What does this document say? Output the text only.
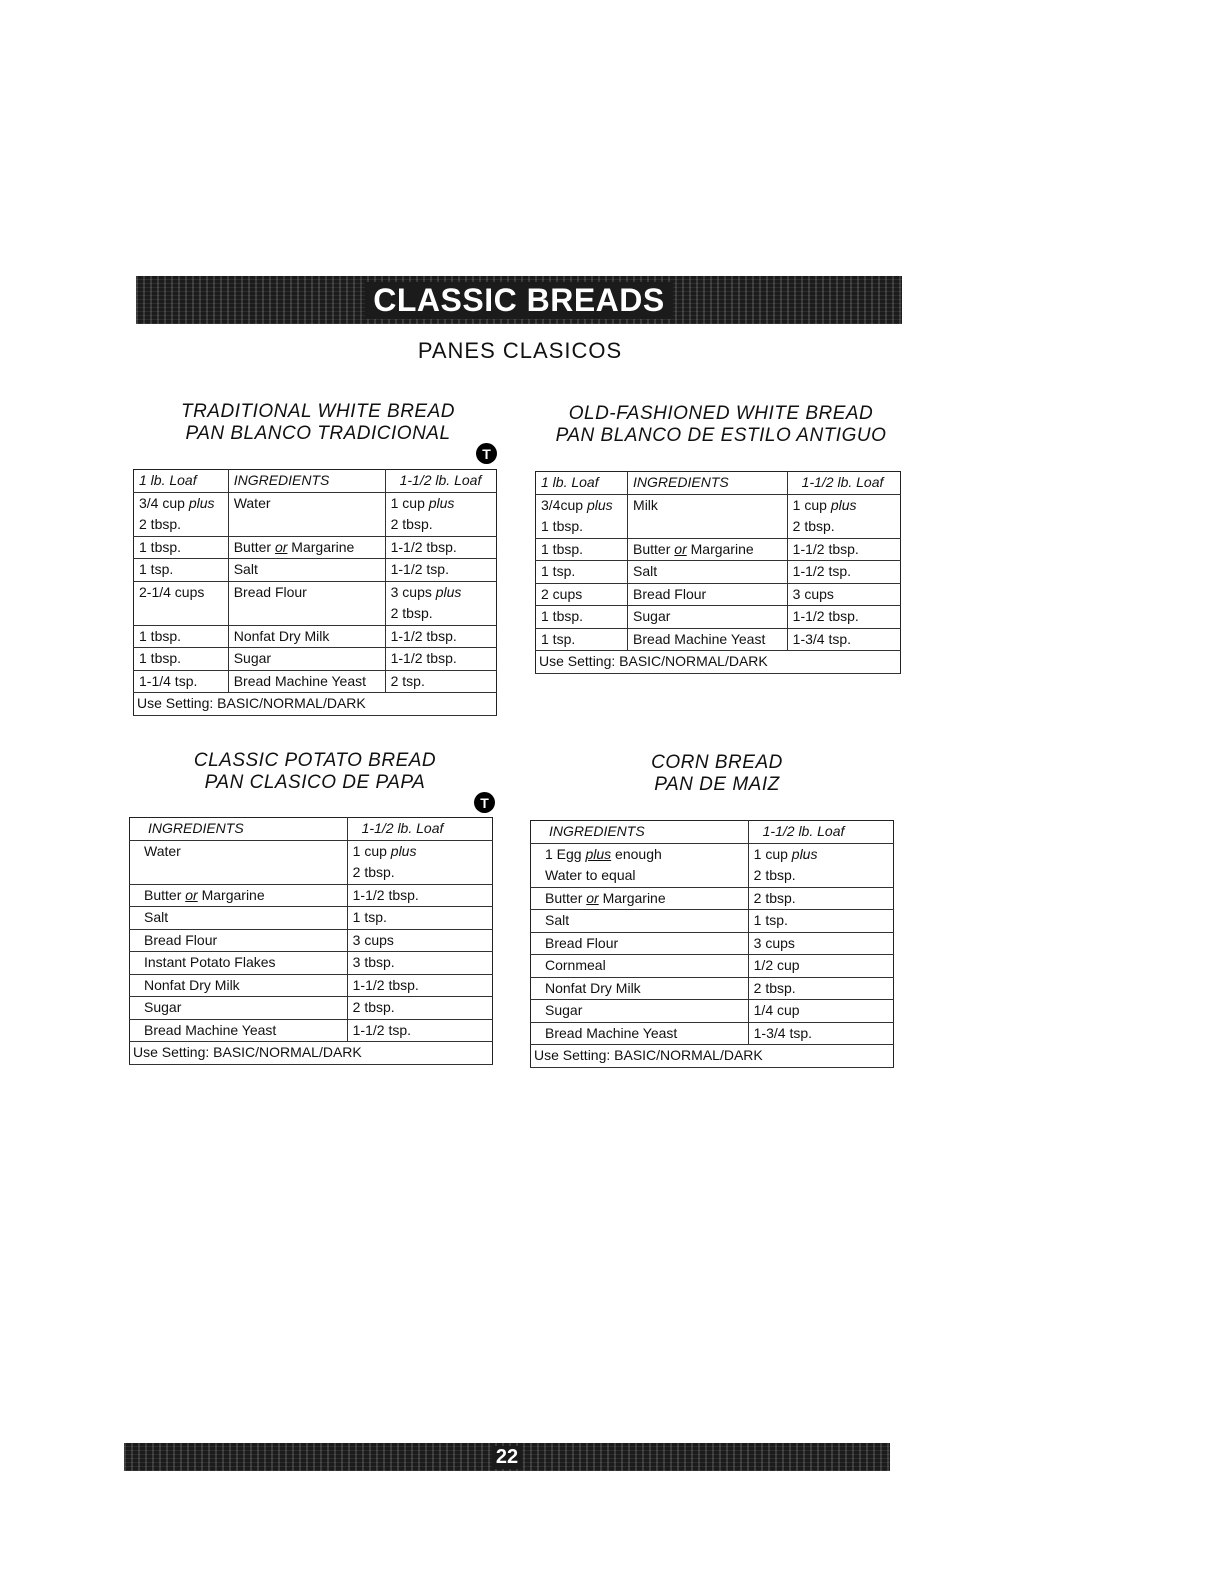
CLASSIC BREADS
PANES CLASICOS
TRADITIONAL WHITE BREAD
PAN BLANCO TRADICIONAL
T
1 lb. Loaf	INGREDIENTS	1-1/2 lb. Loaf
3/4 cup plus	Water	1 cup plus
2 tbsp.		2 tbsp.
1 tbsp.	Butter or Margarine	1-1/2 tbsp.
1 tsp.	Salt	1-1/2 tsp.
2-1/4 cups	Bread Flour	3 cups plus
		2 tbsp.
1 tbsp.	Nonfat Dry Milk	1-1/2 tbsp.
1 tbsp.	Sugar	1-1/2 tbsp.
1-1/4 tsp.	Bread Machine Yeast	2 tsp.
Use Setting: BASIC/NORMAL/DARK		
OLD-FASHIONED WHITE BREAD
PAN BLANCO DE ESTILO ANTIGUO
1 lb. Loaf	INGREDIENTS	1-1/2 lb. Loaf
3/4cup plus	Milk	1 cup plus
1 tbsp.		2 tbsp.
1 tbsp.	Butter or Margarine	1-1/2 tbsp.
1 tsp.	Salt	1-1/2 tsp.
2 cups	Bread Flour	3 cups
1 tbsp.	Sugar	1-1/2 tbsp.
1 tsp.	Bread Machine Yeast	1-3/4 tsp.
Use Setting: BASIC/NORMAL/DARK		
CLASSIC POTATO BREAD
PAN CLASICO DE PAPA
T
INGREDIENTS	1-1/2 lb. Loaf
Water	1 cup plus
	2 tbsp.
Butter or Margarine	1-1/2 tbsp.
Salt	1 tsp.
Bread Flour	3 cups
Instant Potato Flakes	3 tbsp.
Nonfat Dry Milk	1-1/2 tbsp.
Sugar	2 tbsp.
Bread Machine Yeast	1-1/2 tsp.
Use Setting: BASIC/NORMAL/DARK	
CORN BREAD
PAN DE MAIZ
INGREDIENTS	1-1/2 lb. Loaf
1 Egg plus enough	1 cup plus
Water to equal	2 tbsp.
Butter or Margarine	2 tbsp.
Salt	1 tsp.
Bread Flour	3 cups
Cornmeal	1/2 cup
Nonfat Dry Milk	2 tbsp.
Sugar	1/4 cup
Bread Machine Yeast	1-3/4 tsp.
Use Setting: BASIC/NORMAL/DARK	
22
